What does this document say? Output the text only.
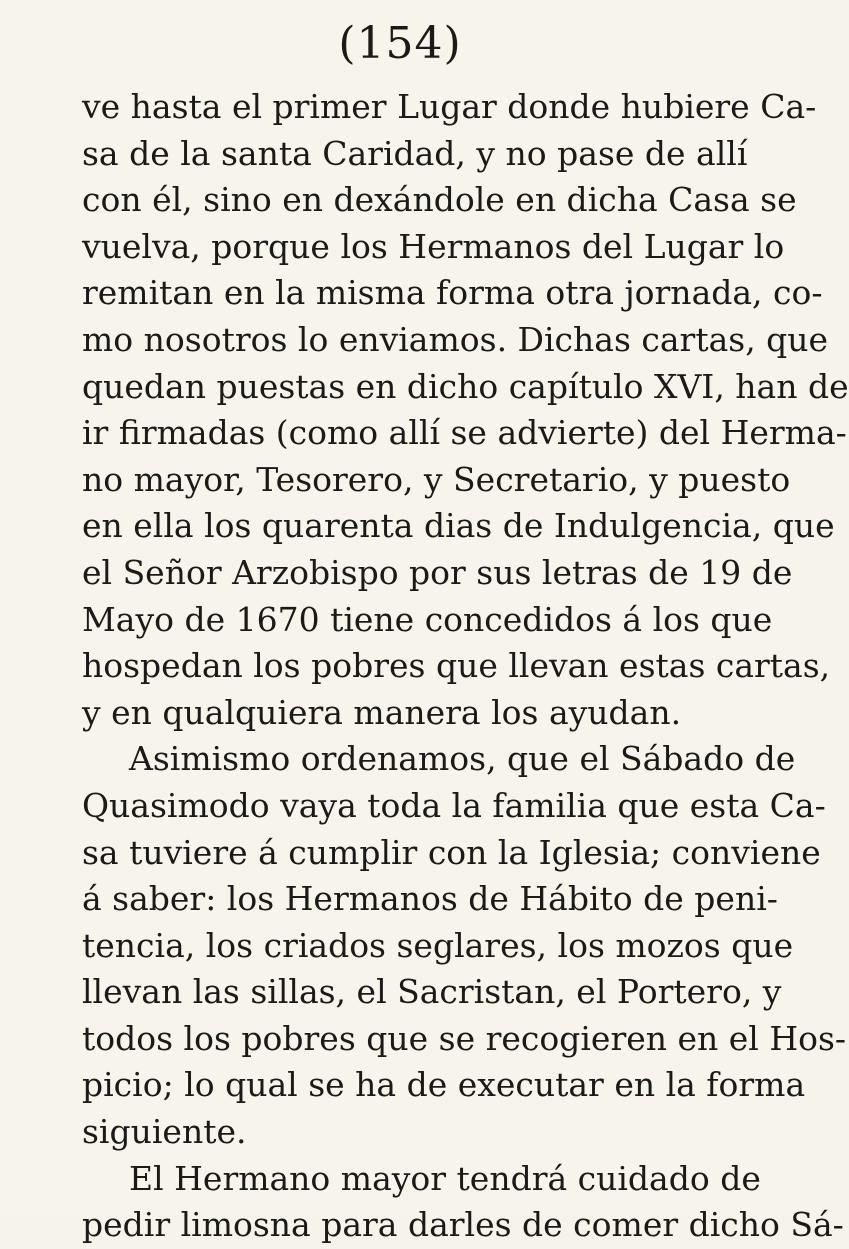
(154)
ve hasta el primer Lugar donde hubiere Ca-
sa de la santa Caridad, y no pase de allí
con él, sino en dexándole en dicha Casa se
vuelva, porque los Hermanos del Lugar lo
remitan en la misma forma otra jornada, co-
mo nosotros lo enviamos. Dichas cartas, que
quedan puestas en dicho capítulo XVI, han de
ir firmadas (como allí se advierte) del Herma-
no mayor, Tesorero, y Secretario, y puesto
en ella los quarenta dias de Indulgencia, que
el Señor Arzobispo por sus letras de 19 de
Mayo de 1670 tiene concedidos á los que
hospedan los pobres que llevan estas cartas,
y en qualquiera manera los ayudan.
Asimismo ordenamos, que el Sábado de
Quasimodo vaya toda la familia que esta Ca-
sa tuviere á cumplir con la Iglesia; conviene
á saber: los Hermanos de Hábito de peni-
tencia, los criados seglares, los mozos que
llevan las sillas, el Sacristan, el Portero, y
todos los pobres que se recogieren en el Hos-
picio; lo qual se ha de executar en la forma
siguiente.
El Hermano mayor tendrá cuidado de
pedir limosna para darles de comer dicho Sá-
